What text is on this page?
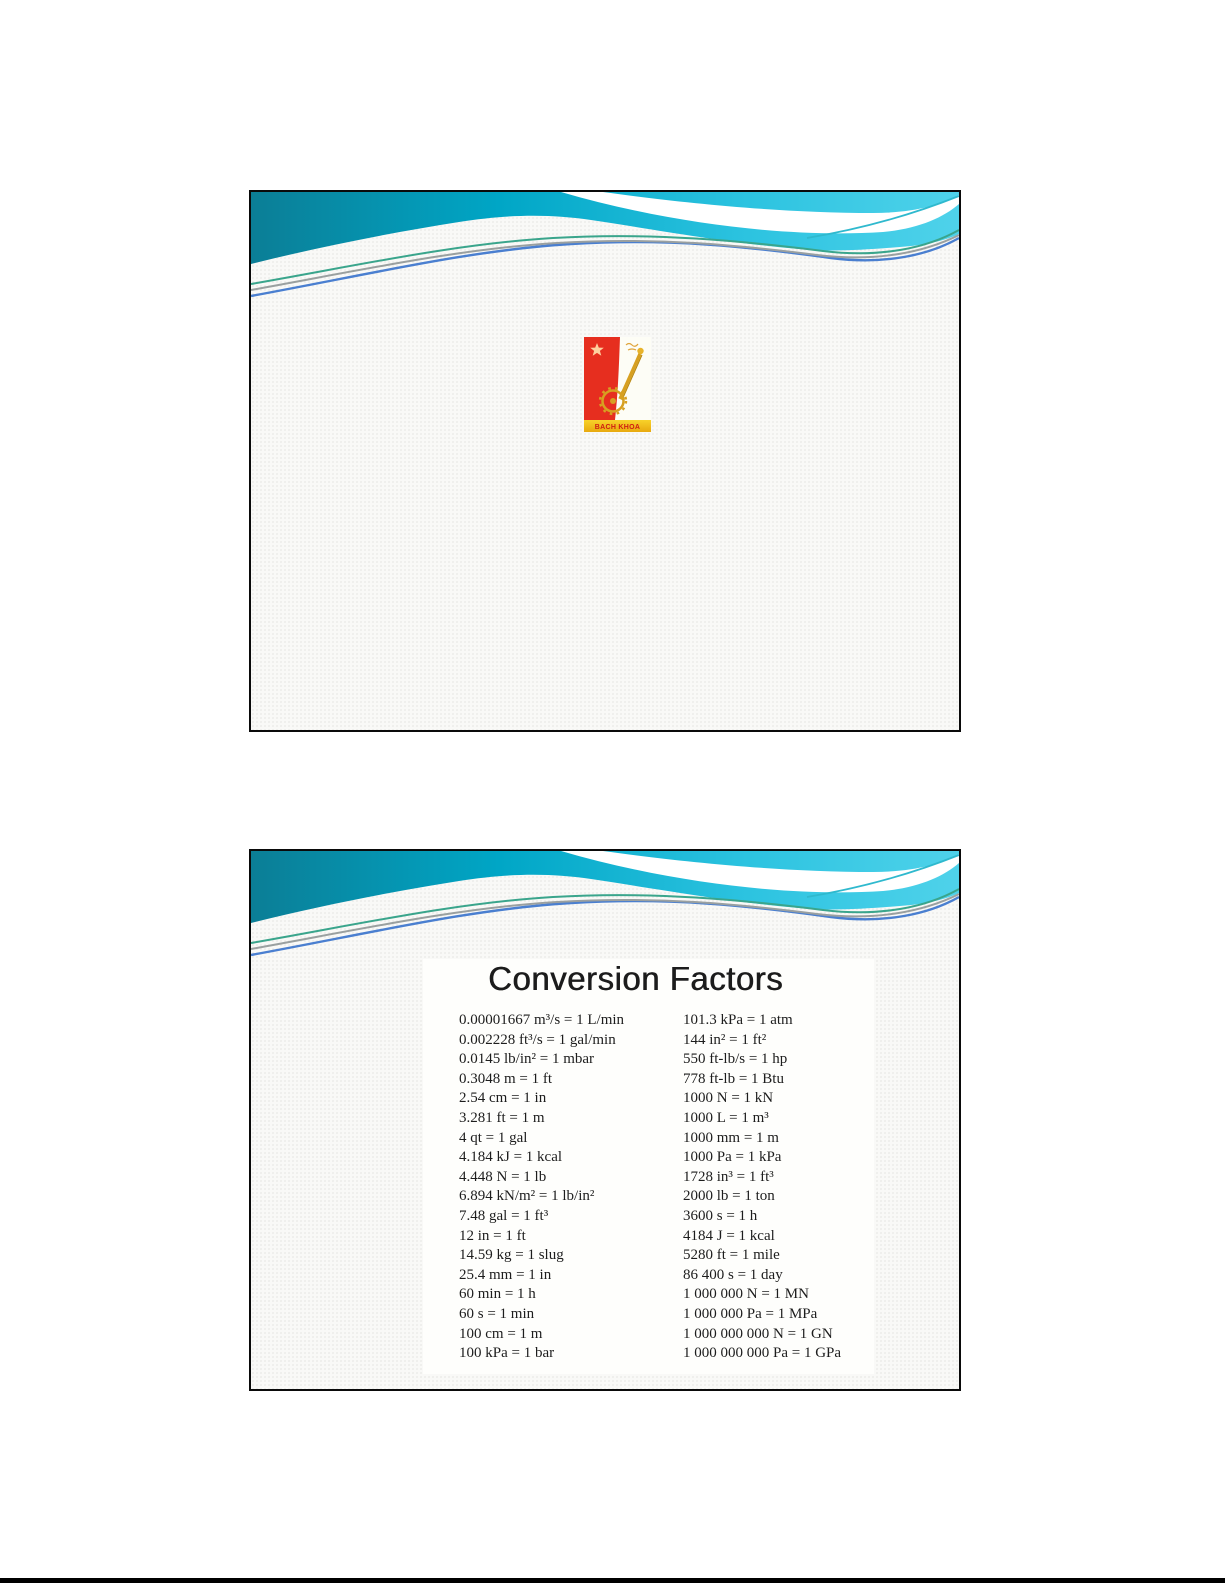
BACH KHOA
Conversion Factors
0.00001667 m³/s = 1 L/min
0.002228 ft³/s = 1 gal/min
0.0145 lb/in² = 1 mbar
0.3048 m = 1 ft
2.54 cm = 1 in
3.281 ft = 1 m
4 qt = 1 gal
4.184 kJ = 1 kcal
4.448 N = 1 lb
6.894 kN/m² = 1 lb/in²
7.48 gal = 1 ft³
12 in = 1 ft
14.59 kg = 1 slug
25.4 mm = 1 in
60 min = 1 h
60 s = 1 min
100 cm = 1 m
100 kPa = 1 bar
101.3 kPa = 1 atm
144 in² = 1 ft²
550 ft-lb/s = 1 hp
778 ft-lb = 1 Btu
1000 N = 1 kN
1000 L = 1 m³
1000 mm = 1 m
1000 Pa = 1 kPa
1728 in³ = 1 ft³
2000 lb = 1 ton
3600 s = 1 h
4184 J = 1 kcal
5280 ft = 1 mile
86 400 s = 1 day
1 000 000 N = 1 MN
1 000 000 Pa = 1 MPa
1 000 000 000 N = 1 GN
1 000 000 000 Pa = 1 GPa
